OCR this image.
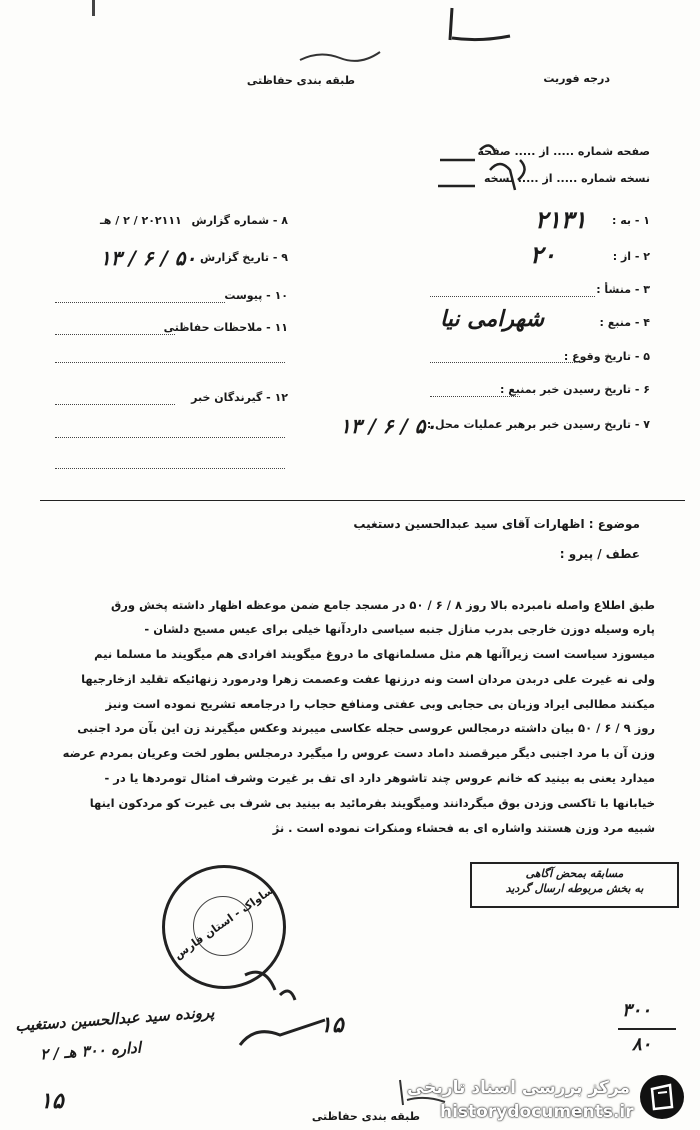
درجه فوریت
طبقه بندی حفاظتی
صفحه شماره ..... از ..... صفحه
نسخه شماره ..... از ..... نسخه
۱ - به :
۲۱۳۱
۲ - از :
۲۰
۳ - منشأ :
۴ - منبع :
شهرامی نیا
۵ - تاریخ وقوع :
۶ - تاریخ رسیدن خبر بمنبع :
۷ - تاریخ رسیدن خبر برهبر عملیات محل :
۱۳ / ۶ / ۵۰
۸ - شماره گزارش
۲۰۲۱۱۱ / ۲ / هـ
۹ - تاریخ گزارش
۱۳ / ۶ / ۵۰
۱۰ - پیوست
۱۱ - ملاحظات حفاظتی
۱۲ - گیرندگان خبر
موضوع : اظهارات آقای سید عبدالحسین دستغیب
عطف / پیرو :
طبق اطلاع واصله نامبرده بالا روز ۸ / ۶ / ۵۰ در مسجد جامع ضمن موعظه اظهار داشته پخش ورق
پاره وسیله دوزن خارجی بدرب منازل جنبه سیاسی داردآنها خیلی برای عیس مسیح دلشان -
میسوزد سیاست است زیراآنها هم مثل مسلمانهای ما دروغ میگویند افرادی هم میگویند ما مسلما نیم
ولی نه غیرت علی دربدن مردان است ونه درزنها عفت وعصمت زهرا ودرمورد زنهائیکه تقلید ازخارجیها
میکنند مطالبی ایراد وزبان بی حجابی وبی عفتی ومنافع حجاب را درجامعه تشریح نموده است ونیز
روز ۹ / ۶ / ۵۰ بیان داشته درمجالس عروسی حجله عکاسی میبرند وعکس میگیرند زن این بآن مرد اجنبی
وزن آن با مرد اجنبی دیگر میرقصند داماد دست عروس را میگیرد درمجلس بطور لخت وعریان بمردم عرضه
میدارد یعنی به بینید که خانم عروس چند تاشوهر دارد ای تف بر غیرت وشرف امثال تومردها یا در -
خیابانها با تاکسی وزدن بوق میگردانند ومیگویند بفرمائید به بینید بی شرف بی غیرت کو مردکون اینها
شبیه مرد وزن هستند واشاره ای به فحشاء ومنکرات نموده است . نژ
مسابقه بمحض آگاهی
به بخش مربوطه ارسال گردید
ساواک - استان فارس
۱۵
پرونده سید عبدالحسین دستغیب
اداره ۳۰۰ هـ / ۲
۱۵
۳۰۰
۸۰
طبقه بندی حفاظتی
مرکز بررسی اسناد تاریخی
historydocuments.ir
